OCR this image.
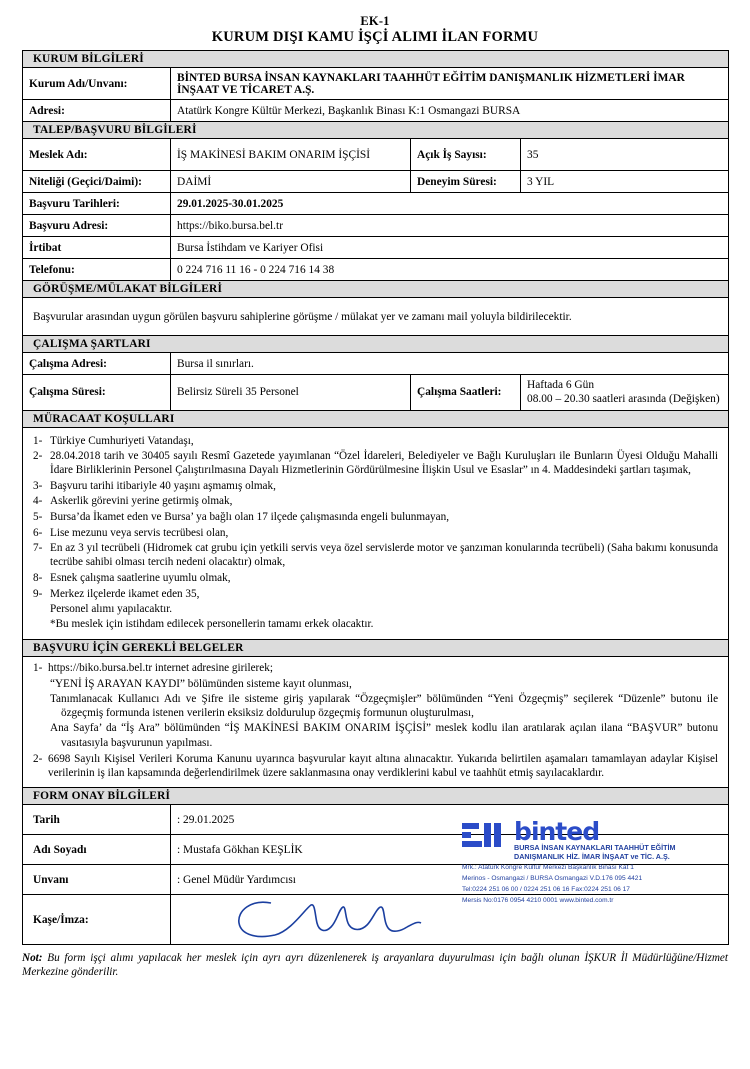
EK-1
KURUM DIŞI KAMU İŞÇİ ALIMI İLAN FORMU
KURUM BİLGİLERİ			
Kurum Adı/Unvanı:	BİNTED BURSA İNSAN KAYNAKLARI TAAHHÜT EĞİTİM DANIŞMANLIK HİZMETLERİ İMAR İNŞAAT VE TİCARET A.Ş.		
Adresi:	Atatürk Kongre Kültür Merkezi, Başkanlık Binası K:1 Osmangazi BURSA		
TALEP/BAŞVURU BİLGİLERİ			
Meslek Adı:	İŞ MAKİNESİ BAKIM ONARIM İŞÇİSİ	Açık İş Sayısı:	35
Niteliği (Geçici/Daimi):	DAİMİ	Deneyim Süresi:	3 YIL
Başvuru Tarihleri:	29.01.2025-30.01.2025		
Başvuru Adresi:	https://biko.bursa.bel.tr		
İrtibat	Bursa İstihdam ve Kariyer Ofisi		
Telefonu:	0 224 716 11 16 - 0 224 716 14 38		
GÖRÜŞME/MÜLAKAT BİLGİLERİ			
Başvurular arasından uygun görülen başvuru sahiplerine görüşme / mülakat yer ve zamanı mail yoluyla bildirilecektir.			
ÇALIŞMA ŞARTLARI			
Çalışma Adresi:	Bursa il sınırları.		
Çalışma Süresi:	Belirsiz Süreli 35 Personel	Çalışma Saatleri:	Haftada 6 Gün
08.00 – 20.30 saatleri arasında (Değişken)
MÜRACAAT KOŞULLARI			

1- Türkiye Cumhuriyeti Vatandaşı,
2- 28.04.2018 tarih ve 30405 sayılı Resmî Gazetede yayımlanan “Özel İdareleri, Belediyeler ve Bağlı Kuruluşları ile Bunların Üyesi Olduğu Mahalli İdare Birliklerinin Personel Çalıştırılmasına Dayalı Hizmetlerinin Gördürülmesine İlişkin Usul ve Esaslar” ın 4. Maddesindeki şartları taşımak,
3- Başvuru tarihi itibariyle 40 yaşını aşmamış olmak,
4- Askerlik görevini yerine getirmiş olmak,
5- Bursa’da İkamet eden ve Bursa’ ya bağlı olan 17 ilçede çalışmasında engeli bulunmayan,
6- Lise mezunu veya servis tecrübesi olan,
7- En az 3 yıl tecrübeli (Hidromek cat grubu için yetkili servis veya özel servislerde motor ve şanzıman konularında tecrübeli) (Saha bakımı konusunda tecrübe sahibi olması tercih nedeni olacaktır) olmak,
8- Esnek çalışma saatlerine uyumlu olmak,
9- Merkez ilçelerde ikamet eden 35,
Personel alımı yapılacaktır.
*Bu meslek için istihdam edilecek personellerin tamamı erkek olacaktır.

BAŞVURU İÇİN GEREKLİ BELGELER			

1- https://biko.bursa.bel.tr internet adresine girilerek;
“YENİ İŞ ARAYAN KAYDI” bölümünden sisteme kayıt olunması,
Tanımlanacak Kullanıcı Adı ve Şifre ile sisteme giriş yapılarak “Özgeçmişler” bölümünden “Yeni Özgeçmiş” seçilerek “Düzenle” butonu ile özgeçmiş formunda istenen verilerin eksiksiz doldurulup özgeçmiş formunun oluşturulması,
Ana Sayfa’ da “İş Ara” bölümünden “İŞ MAKİNESİ BAKIM ONARIM İŞÇİSİ” meslek kodlu ilan aratılarak açılan ilana “BAŞVUR” butonu vasıtasıyla başvurunun yapılması.
2- 6698 Sayılı Kişisel Verileri Koruma Kanunu uyarınca başvurular kayıt altına alınacaktır. Yukarıda belirtilen aşamaları tamamlayan adaylar Kişisel verilerinin iş ilan kapsamında değerlendirilmek üzere saklanmasına onay verdiklerini kabul ve taahhüt etmiş sayılacaklardır.

FORM ONAY BİLGİLERİ			
Tarih	: 29.01.2025		
Adı Soyadı	: Mustafa Gökhan KEŞLİK		
Unvanı	: Genel Müdür Yardımcısı
binted
BURSA İNSAN KAYNAKLARI TAAHHÜT EĞİTİM
DANIŞMANLIK HİZ. İMAR İNŞAAT ve TİC. A.Ş.
Mrk.: Atatürk Kongre Kültür Merkezi Başkanlık Binası Kat 1
Merinos - Osmangazi / BURSA Osmangazi V.D.176 095 4421
Tel:0224 251 06 00 / 0224 251 06 16 Fax:0224 251 06 17
Mersis No:0176 0954 4210 0001 www.binted.com.tr

Kaşe/İmza:	
Not: Bu form işçi alımı yapılacak her meslek için ayrı ayrı düzenlenerek iş arayanlara duyurulması için bağlı olunan İŞKUR İl Müdürlüğüne/Hizmet Merkezine gönderilir.
